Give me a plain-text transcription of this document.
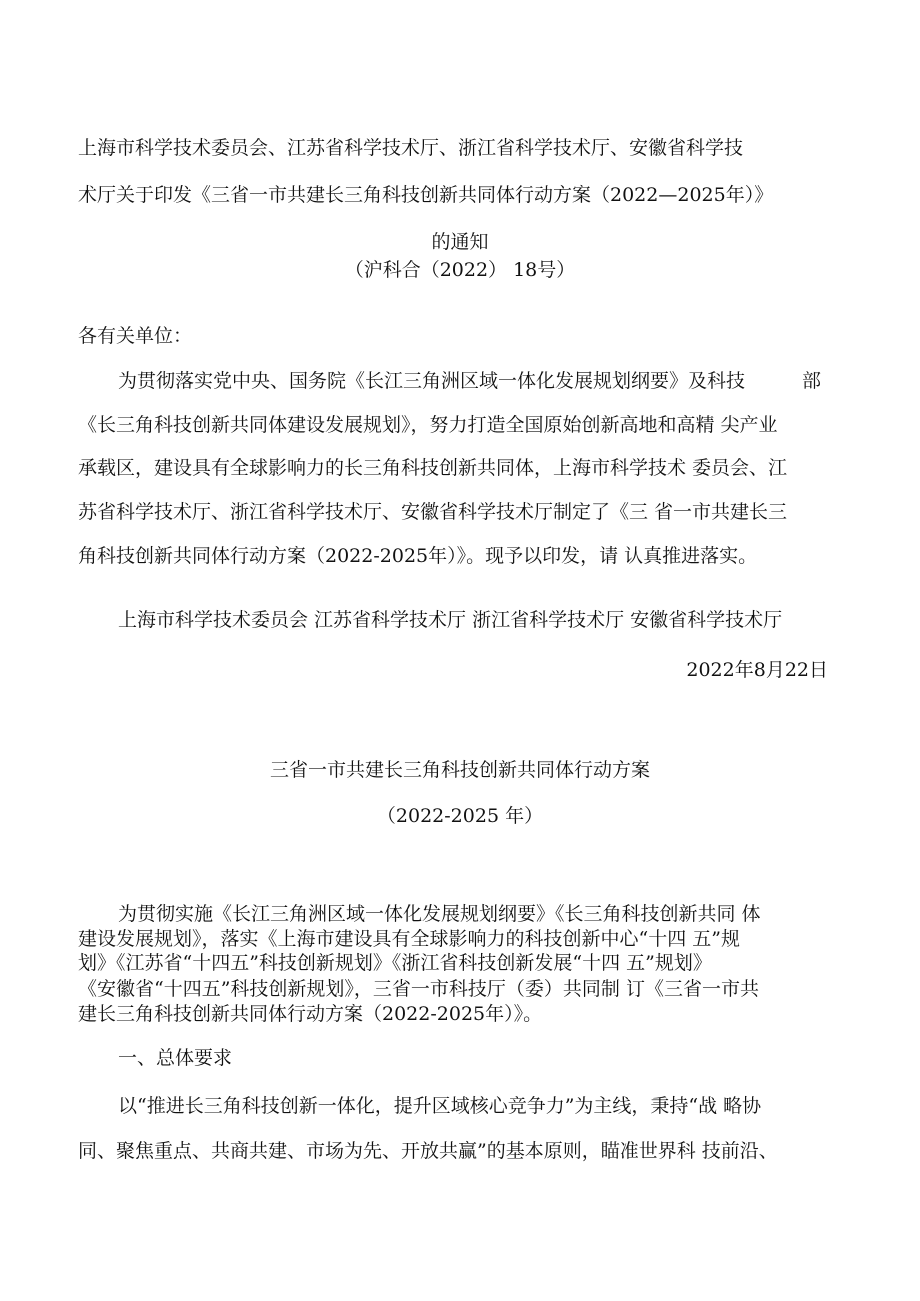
上海市科学技术委员会、江苏省科学技术厅、浙江省科学技术厅、安徽省科学技
术厅关于印发《三省一市共建长三角科技创新共同体行动方案（2022—2025年）》
的通知
（沪科合（2022） 18号）
各有关单位：
为贯彻落实党中央、国务院《长江三角洲区域一体化发展规划纲要》及科技　　　部
《长三角科技创新共同体建设发展规划》，努力打造全国原始创新高地和高精 尖产业
承载区，建设具有全球影响力的长三角科技创新共同体，上海市科学技术 委员会、江
苏省科学技术厅、浙江省科学技术厅、安徽省科学技术厅制定了《三 省一市共建长三
角科技创新共同体行动方案（2022-2025年）》。现予以印发，请 认真推进落实。
上海市科学技术委员会 江苏省科学技术厅 浙江省科学技术厅 安徽省科学技术厅
2022年8月22日
三省一市共建长三角科技创新共同体行动方案
（2022-2025 年）
为贯彻实施《长江三角洲区域一体化发展规划纲要》《长三角科技创新共同 体
建设发展规划》，落实《上海市建设具有全球影响力的科技创新中心“十四 五”规
划》《江苏省“十四五”科技创新规划》《浙江省科技创新发展“十四 五”规划》
《安徽省“十四五”科技创新规划》，三省一市科技厅（委）共同制 订《三省一市共
建长三角科技创新共同体行动方案（2022-2025年）》。
一、总体要求
以“推进长三角科技创新一体化，提升区域核心竞争力”为主线，秉持“战 略协
同、聚焦重点、共商共建、市场为先、开放共赢”的基本原则，瞄准世界科 技前沿、
